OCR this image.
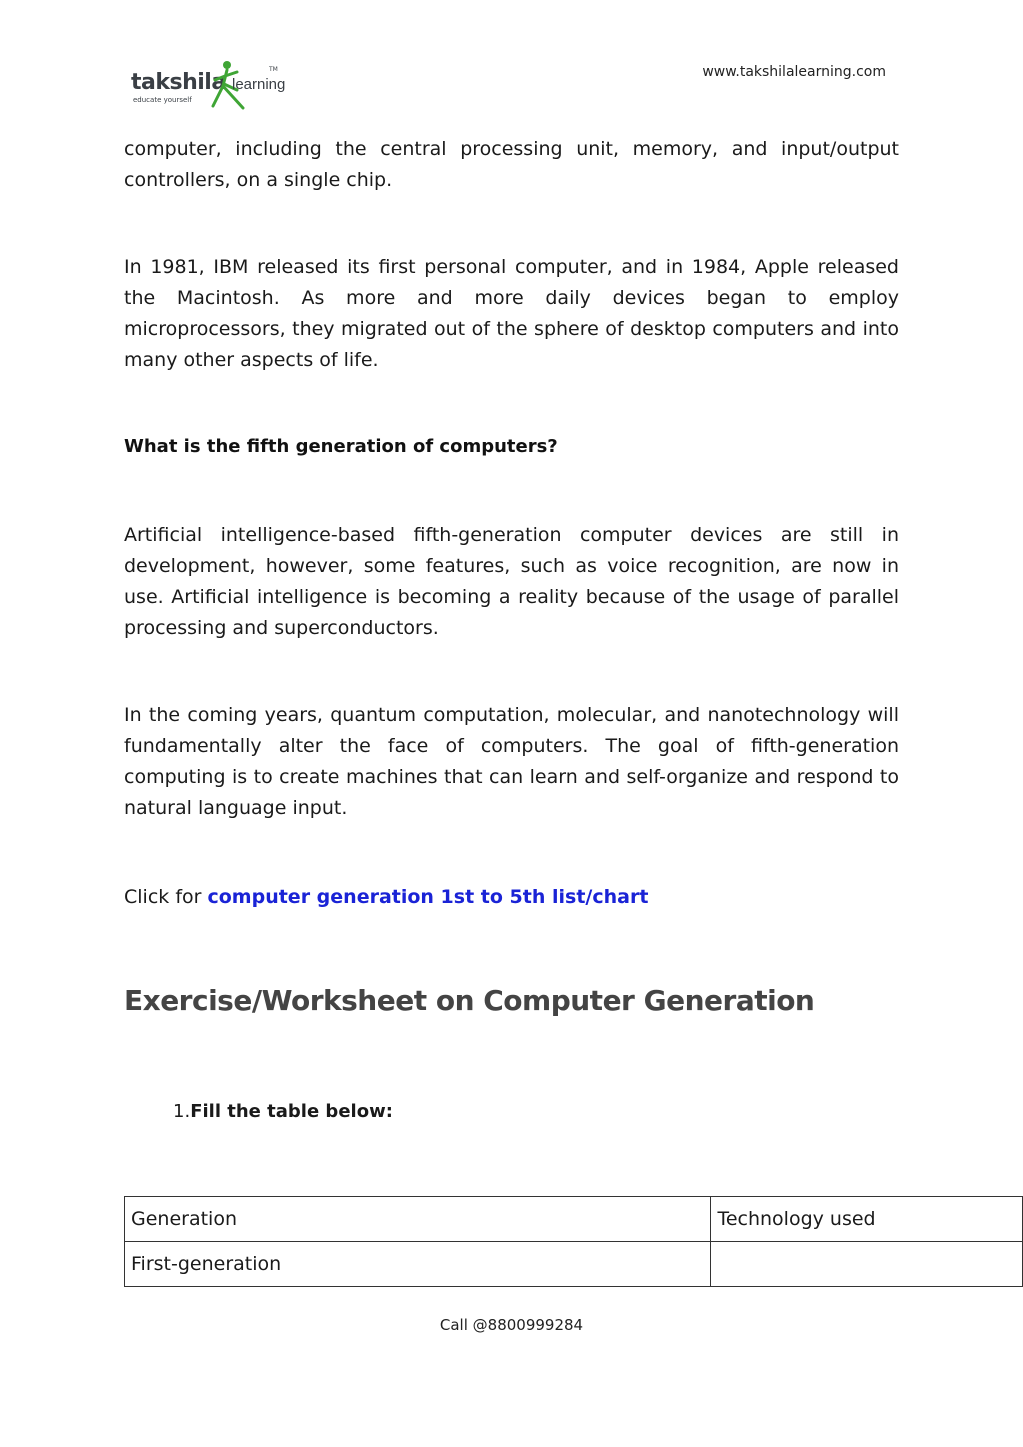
takshila learning
TM
educate yourself
www.takshilalearning.com

computer, including the central processing unit, memory, and input/output controllers, on a single chip.

In 1981, IBM released its first personal computer, and in 1984, Apple released the Macintosh. As more and more daily devices began to employ microprocessors, they migrated out of the sphere of desktop computers and into many other aspects of life.

What is the fifth generation of computers?

Artificial intelligence-based fifth-generation computer devices are still in development, however, some features, such as voice recognition, are now in use. Artificial intelligence is becoming a reality because of the usage of parallel processing and superconductors.

In the coming years, quantum computation, molecular, and nanotechnology will fundamentally alter the face of computers. The goal of fifth-generation computing is to create machines that can learn and self-organize and respond to natural language input.

Click for computer generation 1st to 5th list/chart

Exercise/Worksheet on Computer Generation

1.Fill the table below:
Generation	Technology used
First-generation	
Call @8800999284
